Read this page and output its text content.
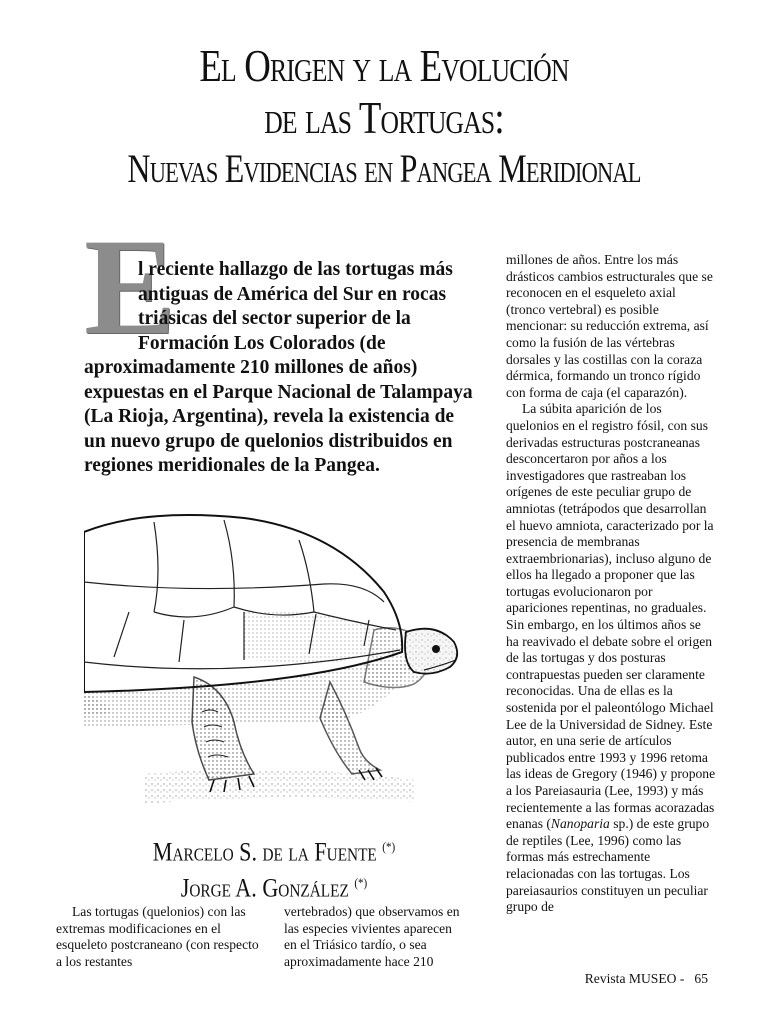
El Origen y la Evolución
de las Tortugas:
Nuevas Evidencias en Pangea Meridional
E

l reciente hallazgo de las tortugas más antiguas de América del Sur en rocas triásicas del sector superior de la Formación Los Colorados (de aproximadamente 210 millones de años) expuestas en el Parque Nacional de Talampaya (La Rioja, Argentina), revela la existencia de un nuevo grupo de quelonios distribuidos en regiones meridionales de la Pangea.

Marcelo S. de la Fuente (*)
Jorge A. González (*)

Las tortugas (quelonios) con las extremas modificaciones en el esqueleto postcraneano (con respecto a los restantes

vertebrados) que observamos en las especies vivientes aparecen en el Triásico tardío, o sea aproximadamente hace 210

millones de años. Entre los más drásticos cambios estructurales que se reconocen en el esqueleto axial (tronco vertebral) es posible mencionar: su reducción extrema, así como la fusión de las vértebras dorsales y las costillas con la coraza dérmica, formando un tronco rígido con forma de caja (el caparazón).

La súbita aparición de los quelonios en el registro fósil, con sus derivadas estructuras postcraneanas desconcertaron por años a los investigadores que rastreaban los orígenes de este peculiar grupo de amniotas (tetrápodos que desarrollan el huevo amniota, caracterizado por la presencia de membranas extraembrionarias), incluso alguno de ellos ha llegado a proponer que las tortugas evolucionaron por apariciones repentinas, no graduales. Sin embargo, en los últimos años se ha reavivado el debate sobre el origen de las tortugas y dos posturas contrapuestas pueden ser claramente reconocidas. Una de ellas es la sostenida por el paleontólogo Michael Lee de la Universidad de Sidney. Este autor, en una serie de artículos publicados entre 1993 y 1996 retoma las ideas de Gregory (1946) y propone a los Pareiasauria (Lee, 1993) y más recientemente a las formas acorazadas enanas (Nanoparia sp.) de este grupo de reptiles (Lee, 1996) como las formas más estrechamente relacionadas con las tortugas. Los pareiasaurios constituyen un peculiar grupo de

Revista MUSEO - 65
